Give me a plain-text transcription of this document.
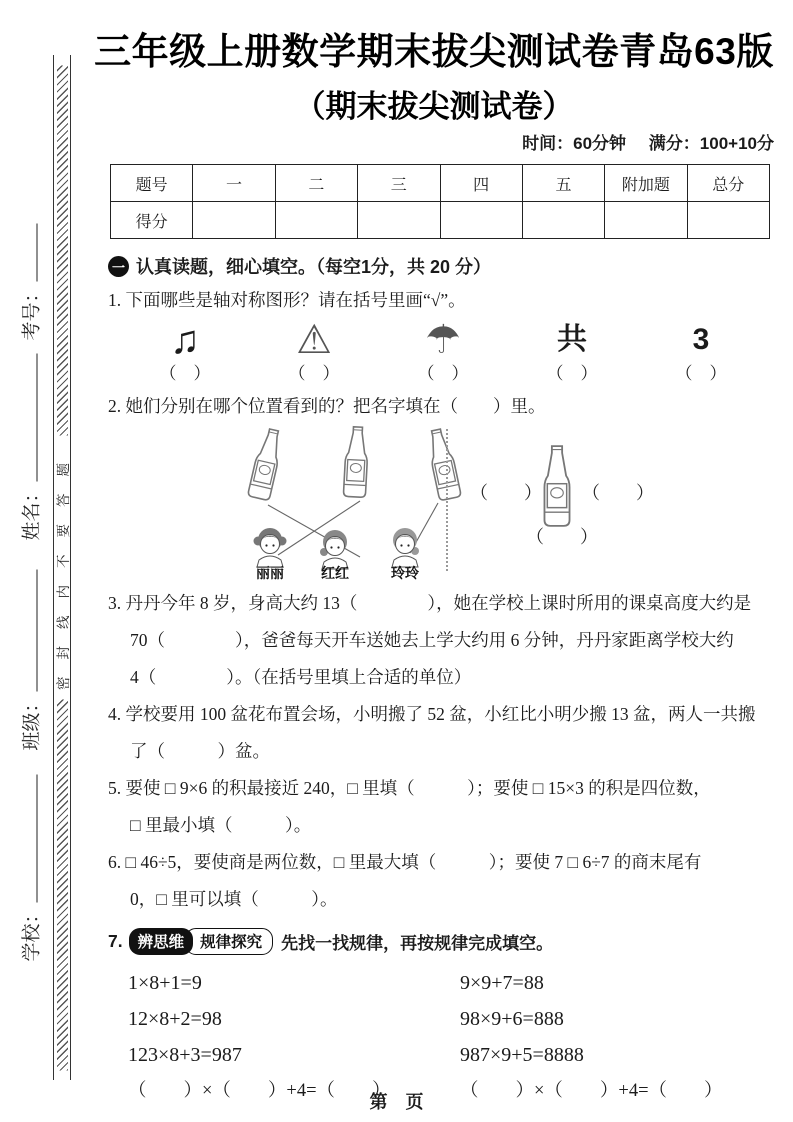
考号：
姓名：
班级：
学校：
密封线内不要答题
三年级上册数学期末拔尖测试卷青岛63版
（期末拔尖测试卷）
时间：60分钟 满分：100+10分
题号	一	二	三	四	五	附加题	总分
得分							
一 认真读题，细心填空。（每空1分，共 20 分）
1. 下面哪些是轴对称图形？请在括号里画“√”。
♫
（　）
⚠
（　）
☂
（　）
共
（　）
3
（　）
2. 她们分别在哪个位置看到的？把名字填在（　　）里。
丽丽	红红	玲玲
（　　） （　　）
（　　）
3. 丹丹今年 8 岁，身高大约 13（　　　　），她在学校上课时所用的课桌高度大约是
70（　　　　），爸爸每天开车送她去上学大约用 6 分钟，丹丹家距离学校大约
4（　　　　）。（在括号里填上合适的单位）
4. 学校要用 100 盆花布置会场，小明搬了 52 盆，小红比小明少搬 13 盆，两人一共搬
了（　　　）盆。
5. 要使 □ 9×6 的积最接近 240，□ 里填（　　　）；要使 □ 15×3 的积是四位数，
□ 里最小填（　　　）。
6. □ 46÷5，要使商是两位数，□ 里最大填（　　　）；要使 7 □ 6÷7 的商末尾有
0，□ 里可以填（　　　）。
7. 辨思维	规律探究	先找一找规律，再按规律完成填空。
1×8+1=9	9×9+7=88
12×8+2=98	98×9+6=888
123×8+3=987	987×9+5=8888
（　　）×（　　）+4=（　　）	（　　）×（　　）+4=（　　）
第　页
